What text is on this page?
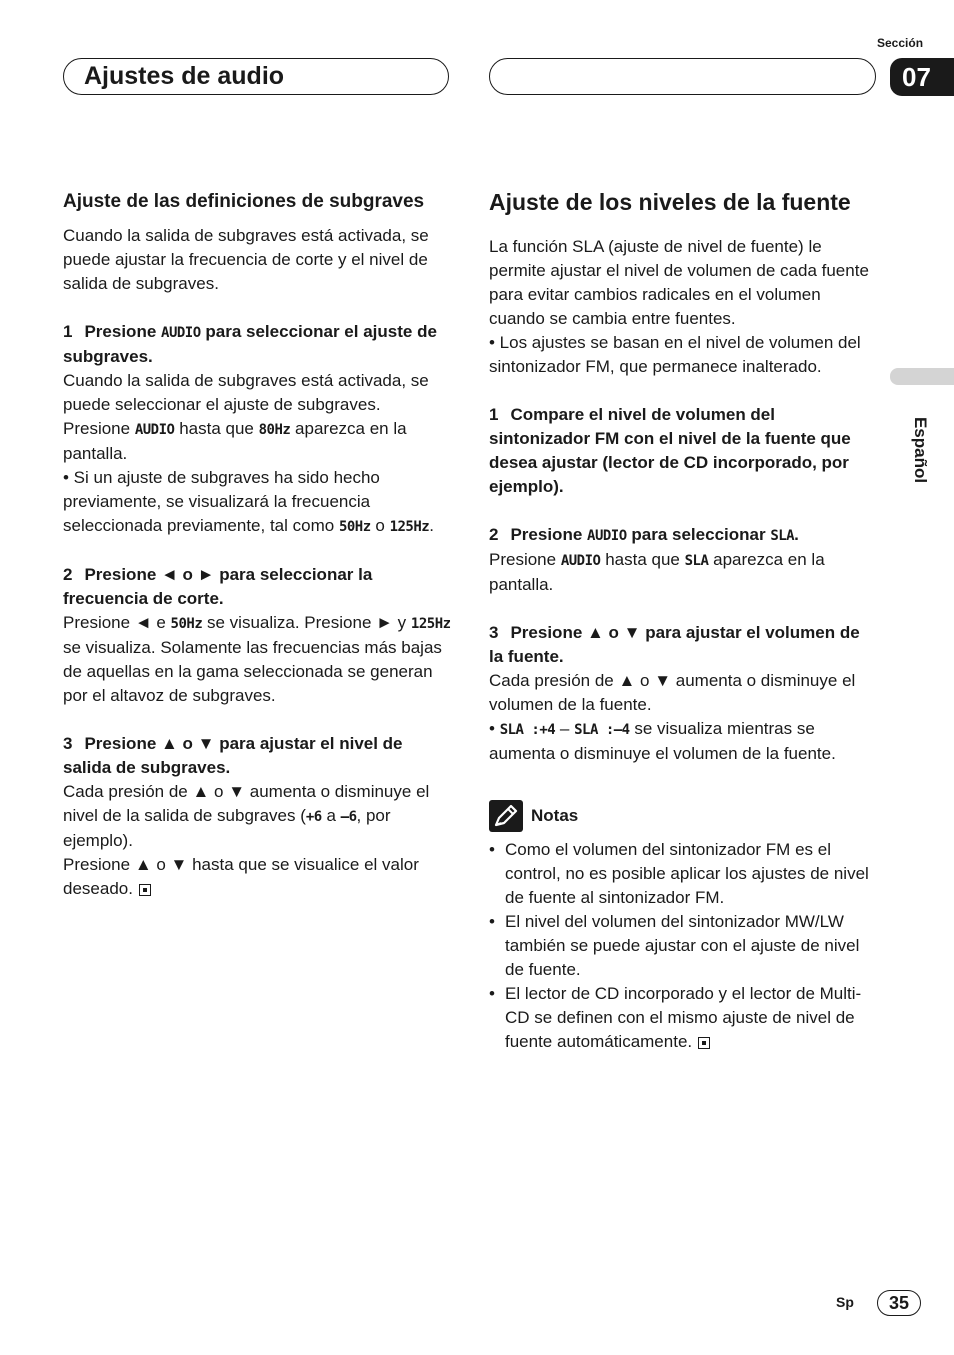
Sección
Ajustes de audio	07
Español
Ajuste de las definiciones de subgraves

Cuando la salida de subgraves está activada, se puede ajustar la frecuencia de corte y el nivel de salida de subgraves.

1 Presione AUDIO para seleccionar el ajuste de subgraves.

Cuando la salida de subgraves está activada, se puede seleccionar el ajuste de subgraves.

Presione AUDIO hasta que 80Hz aparezca en la pantalla.

• Si un ajuste de subgraves ha sido hecho previamente, se visualizará la frecuencia seleccionada previamente, tal como 50Hz o 125Hz.

2 Presione ◄ o ► para seleccionar la frecuencia de corte.

Presione ◄ e 50Hz se visualiza. Presione ► y 125Hz se visualiza. Solamente las frecuencias más bajas de aquellas en la gama seleccionada se generan por el altavoz de subgraves.

3 Presione ▲ o ▼ para ajustar el nivel de salida de subgraves.

Cada presión de ▲ o ▼ aumenta o disminuye el nivel de la salida de subgraves (+6 a –6, por ejemplo).

Presione ▲ o ▼ hasta que se visualice el valor deseado.

Ajuste de los niveles de la fuente

La función SLA (ajuste de nivel de fuente) le permite ajustar el nivel de volumen de cada fuente para evitar cambios radicales en el volumen cuando se cambia entre fuentes.

• Los ajustes se basan en el nivel de volumen del sintonizador FM, que permanece inalterado.

1 Compare el nivel de volumen del sintonizador FM con el nivel de la fuente que desea ajustar (lector de CD incorporado, por ejemplo).

2 Presione AUDIO para seleccionar SLA.

Presione AUDIO hasta que SLA aparezca en la pantalla.

3 Presione ▲ o ▼ para ajustar el volumen de la fuente.

Cada presión de ▲ o ▼ aumenta o disminuye el volumen de la fuente.

• SLA :+4 – SLA :–4 se visualiza mientras se aumenta o disminuye el volumen de la fuente.

Notas
• Como el volumen del sintonizador FM es el control, no es posible aplicar los ajustes de nivel de fuente al sintonizador FM.
• El nivel del volumen del sintonizador MW/LW también se puede ajustar con el ajuste de nivel de fuente.
• El lector de CD incorporado y el lector de Multi-CD se definen con el mismo ajuste de nivel de fuente automáticamente.
Sp	35
